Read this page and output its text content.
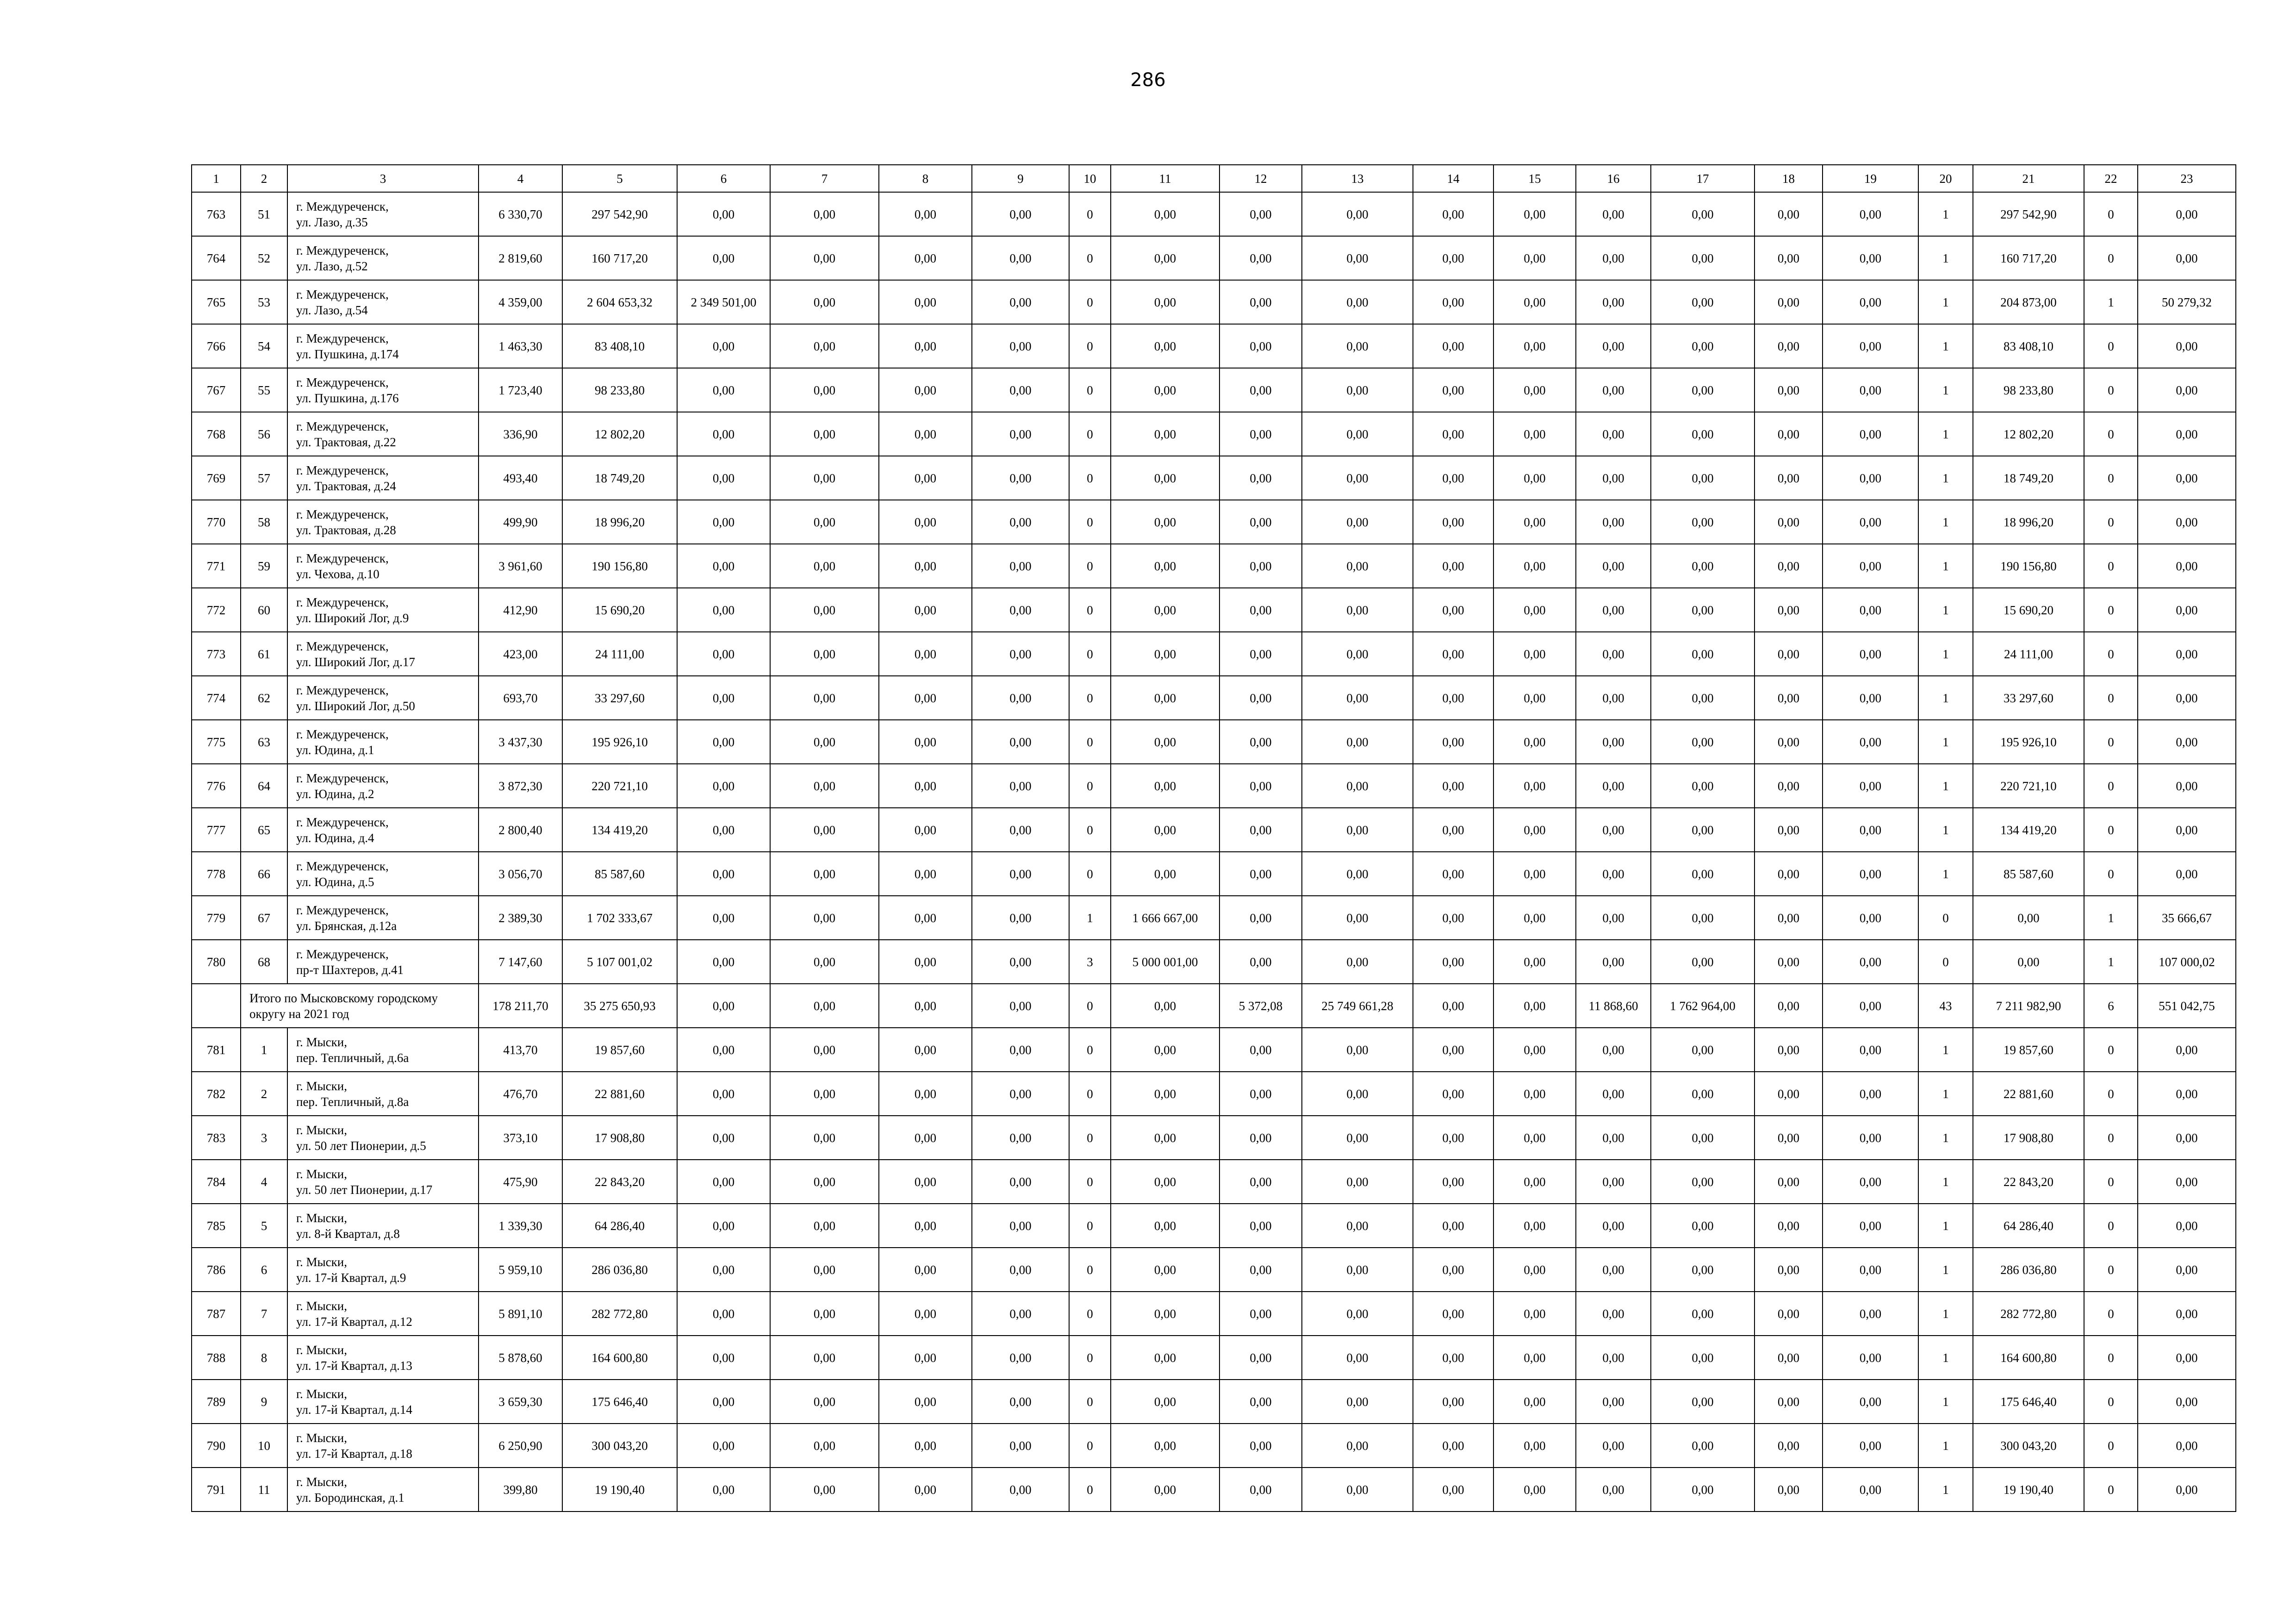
286
1	2	3	4	5	6	7	8	9	10	11	12	13	14	15	16	17	18	19	20	21	22	23
763	51	г. Междуреченск,
ул. Лазо, д.35	6 330,70	297 542,90	0,00	0,00	0,00	0,00	0	0,00	0,00	0,00	0,00	0,00	0,00	0,00	0,00	0,00	1	297 542,90	0	0,00
764	52	г. Междуреченск,
ул. Лазо, д.52	2 819,60	160 717,20	0,00	0,00	0,00	0,00	0	0,00	0,00	0,00	0,00	0,00	0,00	0,00	0,00	0,00	1	160 717,20	0	0,00
765	53	г. Междуреченск,
ул. Лазо, д.54	4 359,00	2 604 653,32	2 349 501,00	0,00	0,00	0,00	0	0,00	0,00	0,00	0,00	0,00	0,00	0,00	0,00	0,00	1	204 873,00	1	50 279,32
766	54	г. Междуреченск,
ул. Пушкина, д.174	1 463,30	83 408,10	0,00	0,00	0,00	0,00	0	0,00	0,00	0,00	0,00	0,00	0,00	0,00	0,00	0,00	1	83 408,10	0	0,00
767	55	г. Междуреченск,
ул. Пушкина, д.176	1 723,40	98 233,80	0,00	0,00	0,00	0,00	0	0,00	0,00	0,00	0,00	0,00	0,00	0,00	0,00	0,00	1	98 233,80	0	0,00
768	56	г. Междуреченск,
ул. Трактовая, д.22	336,90	12 802,20	0,00	0,00	0,00	0,00	0	0,00	0,00	0,00	0,00	0,00	0,00	0,00	0,00	0,00	1	12 802,20	0	0,00
769	57	г. Междуреченск,
ул. Трактовая, д.24	493,40	18 749,20	0,00	0,00	0,00	0,00	0	0,00	0,00	0,00	0,00	0,00	0,00	0,00	0,00	0,00	1	18 749,20	0	0,00
770	58	г. Междуреченск,
ул. Трактовая, д.28	499,90	18 996,20	0,00	0,00	0,00	0,00	0	0,00	0,00	0,00	0,00	0,00	0,00	0,00	0,00	0,00	1	18 996,20	0	0,00
771	59	г. Междуреченск,
ул. Чехова, д.10	3 961,60	190 156,80	0,00	0,00	0,00	0,00	0	0,00	0,00	0,00	0,00	0,00	0,00	0,00	0,00	0,00	1	190 156,80	0	0,00
772	60	г. Междуреченск,
ул. Широкий Лог, д.9	412,90	15 690,20	0,00	0,00	0,00	0,00	0	0,00	0,00	0,00	0,00	0,00	0,00	0,00	0,00	0,00	1	15 690,20	0	0,00
773	61	г. Междуреченск,
ул. Широкий Лог, д.17	423,00	24 111,00	0,00	0,00	0,00	0,00	0	0,00	0,00	0,00	0,00	0,00	0,00	0,00	0,00	0,00	1	24 111,00	0	0,00
774	62	г. Междуреченск,
ул. Широкий Лог, д.50	693,70	33 297,60	0,00	0,00	0,00	0,00	0	0,00	0,00	0,00	0,00	0,00	0,00	0,00	0,00	0,00	1	33 297,60	0	0,00
775	63	г. Междуреченск,
ул. Юдина, д.1	3 437,30	195 926,10	0,00	0,00	0,00	0,00	0	0,00	0,00	0,00	0,00	0,00	0,00	0,00	0,00	0,00	1	195 926,10	0	0,00
776	64	г. Междуреченск,
ул. Юдина, д.2	3 872,30	220 721,10	0,00	0,00	0,00	0,00	0	0,00	0,00	0,00	0,00	0,00	0,00	0,00	0,00	0,00	1	220 721,10	0	0,00
777	65	г. Междуреченск,
ул. Юдина, д.4	2 800,40	134 419,20	0,00	0,00	0,00	0,00	0	0,00	0,00	0,00	0,00	0,00	0,00	0,00	0,00	0,00	1	134 419,20	0	0,00
778	66	г. Междуреченск,
ул. Юдина, д.5	3 056,70	85 587,60	0,00	0,00	0,00	0,00	0	0,00	0,00	0,00	0,00	0,00	0,00	0,00	0,00	0,00	1	85 587,60	0	0,00
779	67	г. Междуреченск,
ул. Брянская, д.12а	2 389,30	1 702 333,67	0,00	0,00	0,00	0,00	1	1 666 667,00	0,00	0,00	0,00	0,00	0,00	0,00	0,00	0,00	0	0,00	1	35 666,67
780	68	г. Междуреченск,
пр-т Шахтеров, д.41	7 147,60	5 107 001,02	0,00	0,00	0,00	0,00	3	5 000 001,00	0,00	0,00	0,00	0,00	0,00	0,00	0,00	0,00	0	0,00	1	107 000,02

	Итого по Мысковскому городскому
округу на 2021 год		178 211,70	35 275 650,93	0,00	0,00	0,00	0,00	0	0,00	5 372,08	25 749 661,28	0,00	0,00	11 868,60	1 762 964,00	0,00	0,00	43	7 211 982,90	6	551 042,75
781	1	г. Мыски,
пер. Тепличный, д.6а	413,70	19 857,60	0,00	0,00	0,00	0,00	0	0,00	0,00	0,00	0,00	0,00	0,00	0,00	0,00	0,00	1	19 857,60	0	0,00
782	2	г. Мыски,
пер. Тепличный, д.8а	476,70	22 881,60	0,00	0,00	0,00	0,00	0	0,00	0,00	0,00	0,00	0,00	0,00	0,00	0,00	0,00	1	22 881,60	0	0,00
783	3	г. Мыски,
ул. 50 лет Пионерии, д.5	373,10	17 908,80	0,00	0,00	0,00	0,00	0	0,00	0,00	0,00	0,00	0,00	0,00	0,00	0,00	0,00	1	17 908,80	0	0,00
784	4	г. Мыски,
ул. 50 лет Пионерии, д.17	475,90	22 843,20	0,00	0,00	0,00	0,00	0	0,00	0,00	0,00	0,00	0,00	0,00	0,00	0,00	0,00	1	22 843,20	0	0,00
785	5	г. Мыски,
ул. 8-й Квартал, д.8	1 339,30	64 286,40	0,00	0,00	0,00	0,00	0	0,00	0,00	0,00	0,00	0,00	0,00	0,00	0,00	0,00	1	64 286,40	0	0,00
786	6	г. Мыски,
ул. 17-й Квартал, д.9	5 959,10	286 036,80	0,00	0,00	0,00	0,00	0	0,00	0,00	0,00	0,00	0,00	0,00	0,00	0,00	0,00	1	286 036,80	0	0,00
787	7	г. Мыски,
ул. 17-й Квартал, д.12	5 891,10	282 772,80	0,00	0,00	0,00	0,00	0	0,00	0,00	0,00	0,00	0,00	0,00	0,00	0,00	0,00	1	282 772,80	0	0,00
788	8	г. Мыски,
ул. 17-й Квартал, д.13	5 878,60	164 600,80	0,00	0,00	0,00	0,00	0	0,00	0,00	0,00	0,00	0,00	0,00	0,00	0,00	0,00	1	164 600,80	0	0,00
789	9	г. Мыски,
ул. 17-й Квартал, д.14	3 659,30	175 646,40	0,00	0,00	0,00	0,00	0	0,00	0,00	0,00	0,00	0,00	0,00	0,00	0,00	0,00	1	175 646,40	0	0,00
790	10	г. Мыски,
ул. 17-й Квартал, д.18	6 250,90	300 043,20	0,00	0,00	0,00	0,00	0	0,00	0,00	0,00	0,00	0,00	0,00	0,00	0,00	0,00	1	300 043,20	0	0,00
791	11	г. Мыски,
ул. Бородинская, д.1	399,80	19 190,40	0,00	0,00	0,00	0,00	0	0,00	0,00	0,00	0,00	0,00	0,00	0,00	0,00	0,00	1	19 190,40	0	0,00
